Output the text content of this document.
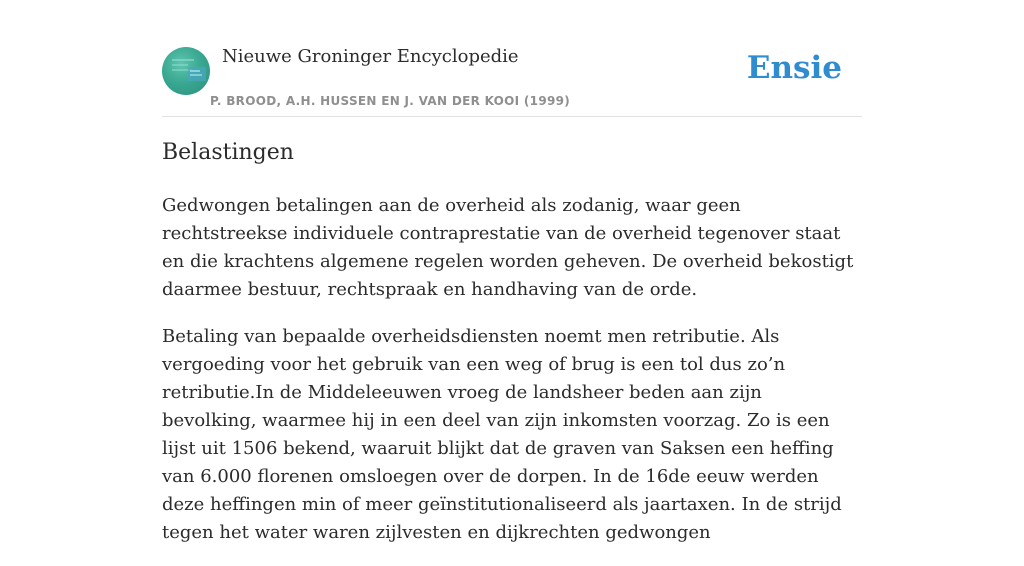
Nieuwe Groninger Encyclopedie
P. BROOD, A.H. HUSSEN EN J. VAN DER KOOI (1999)
Ensie
Belastingen

Gedwongen betalingen aan de overheid als zodanig, waar geen rechtstreekse individuele contraprestatie van de overheid tegenover staat en die krachtens algemene regelen worden geheven. De overheid bekostigt daarmee bestuur, rechtspraak en handhaving van de orde.

Betaling van bepaalde overheidsdiensten noemt men retributie. Als vergoeding voor het gebruik van een weg of brug is een tol dus zo’n retributie.In de Middeleeuwen vroeg de landsheer beden aan zijn bevolking, waarmee hij in een deel van zijn inkomsten voorzag. Zo is een lijst uit 1506 bekend, waaruit blijkt dat de graven van Saksen een heffing van 6.000 florenen omsloegen over de dorpen. In de 16de eeuw werden deze heffingen min of meer geïnstitutionaliseerd als jaartaxen. In de strijd tegen het water waren zijlvesten en dijkrechten gedwongen
